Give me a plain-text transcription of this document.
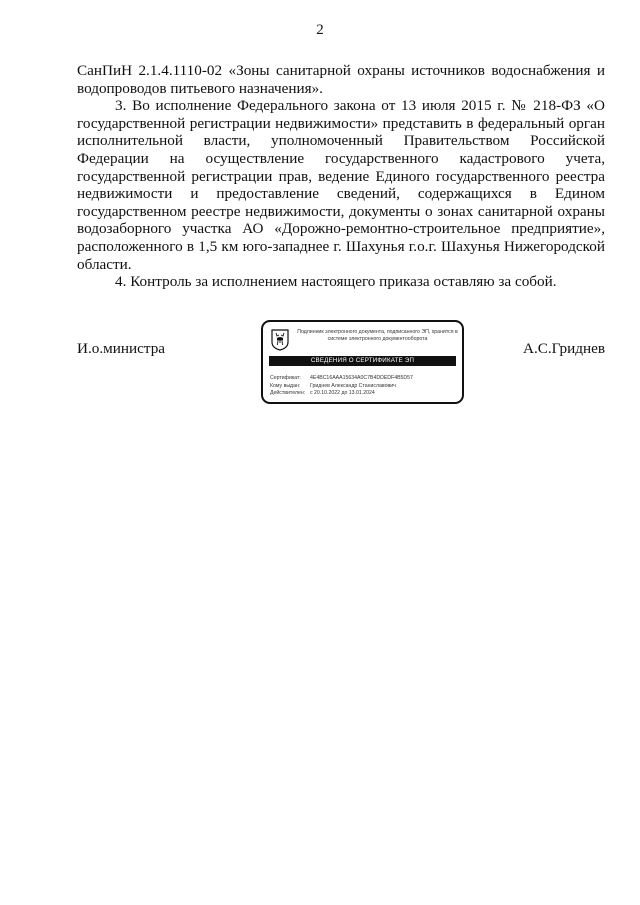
2

СанПиН 2.1.4.1110-02 «Зоны санитарной охраны источников водоснабжения и водопроводов питьевого назначения».

3. Во исполнение Федерального закона от 13 июля 2015 г. № 218-ФЗ «О государственной регистрации недвижимости» представить в федеральный орган исполнительной власти, уполномоченный Правительством Российской Федерации на осуществление государственного кадастрового учета, государственной регистрации прав, ведение Единого государственного реестра недвижимости и предоставление сведений, содержащихся в Едином государственном реестре недвижимости, документы о зонах санитарной охраны водозаборного участка АО «Дорожно-ремонтно-строительное предприятие», расположенного в 1,5 км юго-западнее г. Шахунья г.о.г. Шахунья Нижегородской области.

4. Контроль за исполнением настоящего приказа оставляю за собой.

И.о.министра
Подлинник электронного документа, подписанного ЭП, хранится в системе электронного документооборота
СВЕДЕНИЯ О СЕРТИФИКАТЕ ЭП
Сертификат: 4E4BC16AAA15634A0C7B4DDEDF4B5D57
Кому выдан: Гриднев Александр Станиславович
Действителен: с 20.10.2022 до 13.01.2024
А.С.Гриднев
